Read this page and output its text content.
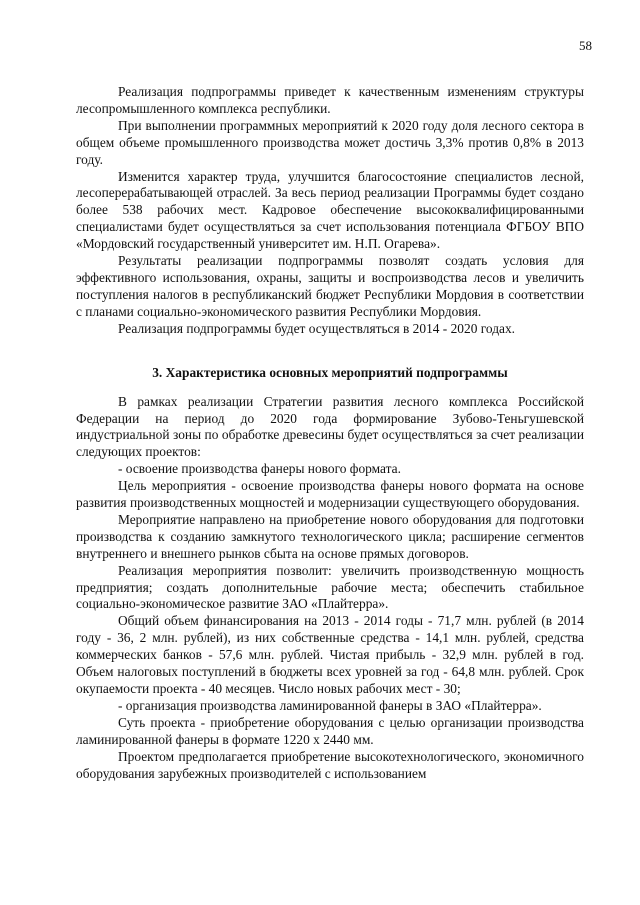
58

Реализация подпрограммы приведет к качественным изменениям структуры лесопромышленного комплекса республики.

При выполнении программных мероприятий к 2020 году доля лесного сектора в общем объеме промышленного производства может достичь 3,3% против 0,8% в 2013 году.

Изменится характер труда, улучшится благосостояние специалистов лесной, лесоперерабатывающей отраслей. За весь период реализации Программы будет создано более 538 рабочих мест. Кадровое обеспечение высококвалифицированными специалистами будет осуществляться за счет использования потенциала ФГБОУ ВПО «Мордовский государственный университет им. Н.П. Огарева».

Результаты реализации подпрограммы позволят создать условия для эффективного использования, охраны, защиты и воспроизводства лесов и увеличить поступления налогов в республиканский бюджет Республики Мордовия в соответствии с планами социально-экономического развития Республики Мордовия.

Реализация подпрограммы будет осуществляться в 2014 - 2020 годах.

3. Характеристика основных мероприятий подпрограммы

В рамках реализации Стратегии развития лесного комплекса Российской Федерации на период до 2020 года формирование Зубово-Теньгушевской индустриальной зоны по обработке древесины будет осуществляться за счет реализации следующих проектов:

- освоение производства фанеры нового формата.

Цель мероприятия - освоение производства фанеры нового формата на основе развития производственных мощностей и модернизации существующего оборудования.

Мероприятие направлено на приобретение нового оборудования для подготовки производства к созданию замкнутого технологического цикла; расширение сегментов внутреннего и внешнего рынков сбыта на основе прямых договоров.

Реализация мероприятия позволит: увеличить производственную мощность предприятия; создать дополнительные рабочие места; обеспечить стабильное социально-экономическое развитие ЗАО «Плайтерра».

Общий объем финансирования на 2013 - 2014 годы - 71,7 млн. рублей (в 2014 году - 36, 2 млн. рублей), из них собственные средства - 14,1 млн. рублей, средства коммерческих банков - 57,6 млн. рублей. Чистая прибыль - 32,9 млн. рублей в год. Объем налоговых поступлений в бюджеты всех уровней за год - 64,8 млн. рублей. Срок окупаемости проекта - 40 месяцев. Число новых рабочих мест - 30;

- организация производства ламинированной фанеры в ЗАО «Плайтерра».

Суть проекта - приобретение оборудования с целью организации производства ламинированной фанеры в формате 1220 х 2440 мм.

Проектом предполагается приобретение высокотехнологического, экономичного оборудования зарубежных производителей с использованием
